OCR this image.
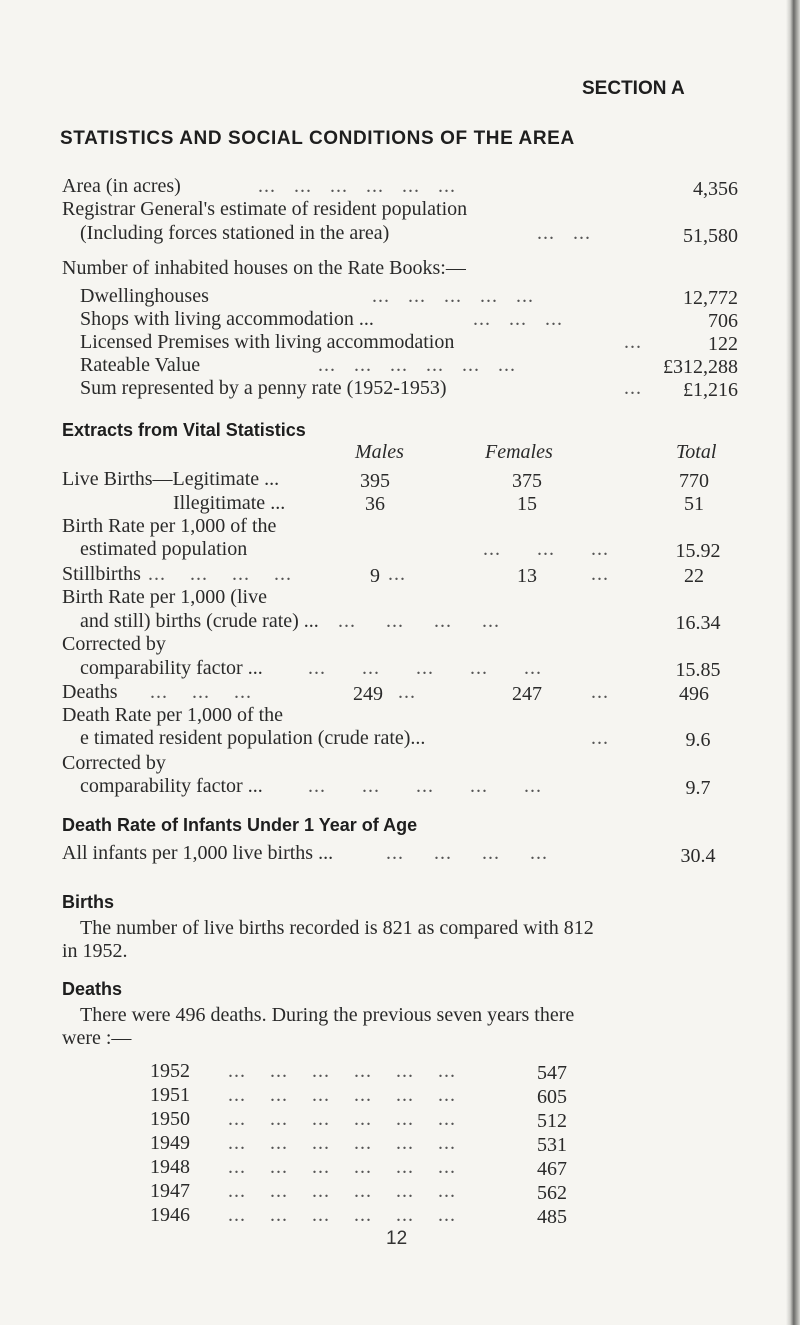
SECTION A
STATISTICS AND SOCIAL CONDITIONS OF THE AREA
Area (in acres)	...   ...   ...   ...   ...   ...	4,356
Registrar General's estimate of resident population
(Including forces stationed in the area)	...   ...	51,580
Number of inhabited houses on the Rate Books:—
Dwellinghouses	...   ...   ...   ...   ...	12,772
Shops with living accommodation ...	...   ...   ...	706
Licensed Premises with living accommodation	...	122
Rateable Value	...   ...   ...   ...   ...   ...	£312,288
Sum represented by a penny rate (1952-1953)	... £1,216
Extracts from Vital Statistics
Males	Females	Total
Live Births—Legitimate ...	395	375	770
Illegitimate ...	36	15	51
Birth Rate per 1,000 of the
estimated population	...      ...      ...	15.92
Stillbirths ...    ...    ...    ...	9 ...	13	...	22
Birth Rate per 1,000 (live
and still) births (crude rate) ... ...     ...     ...     ...	16.34
Corrected by
comparability factor ... ...      ...      ...      ...      ...	15.85
Deaths ...    ...    ...	249 ...	247	...	496
Death Rate per 1,000 of the
e timated resident population (crude rate)...	...	9.6
Corrected by
comparability factor ... ...      ...      ...      ...      ...	9.7
Death Rate of Infants Under 1 Year of Age
All infants per 1,000 live births ...	...     ...     ...     ...	30.4
Births
The number of live births recorded is 821 as compared with 812
in 1952.
Deaths
There were 496 deaths. During the previous seven years there
were :—
1952 ...    ...    ...    ...    ...    ...	547
1951 ...    ...    ...    ...    ...    ...	605
1950 ...    ...    ...    ...    ...    ...	512
1949 ...    ...    ...    ...    ...    ...	531
1948 ...    ...    ...    ...    ...    ...	467
1947 ...    ...    ...    ...    ...    ...	562
1946 ...    ...    ...    ...    ...    ...	485
12
